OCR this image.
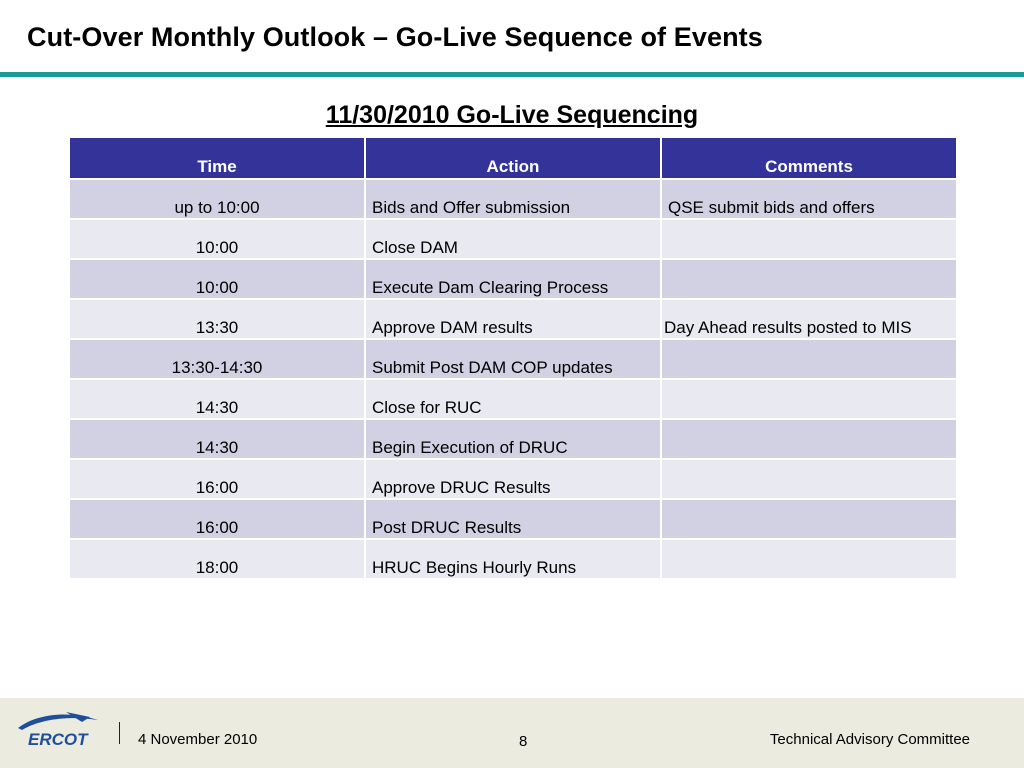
Cut-Over Monthly Outlook – Go-Live Sequence of Events
11/30/2010 Go-Live Sequencing
Time	Action	Comments
up to 10:00	Bids and Offer submission	QSE submit bids and offers
10:00	Close DAM	
10:00	Execute Dam Clearing Process	
13:30	Approve DAM results	Day Ahead results posted to MIS
13:30-14:30	Submit Post DAM COP updates	
14:30	Close for RUC	
14:30	Begin Execution of DRUC	
16:00	Approve DRUC Results	
16:00	Post DRUC Results	
18:00	HRUC Begins Hourly Runs	
ERCOT	4 November 2010	8	Technical Advisory Committee
